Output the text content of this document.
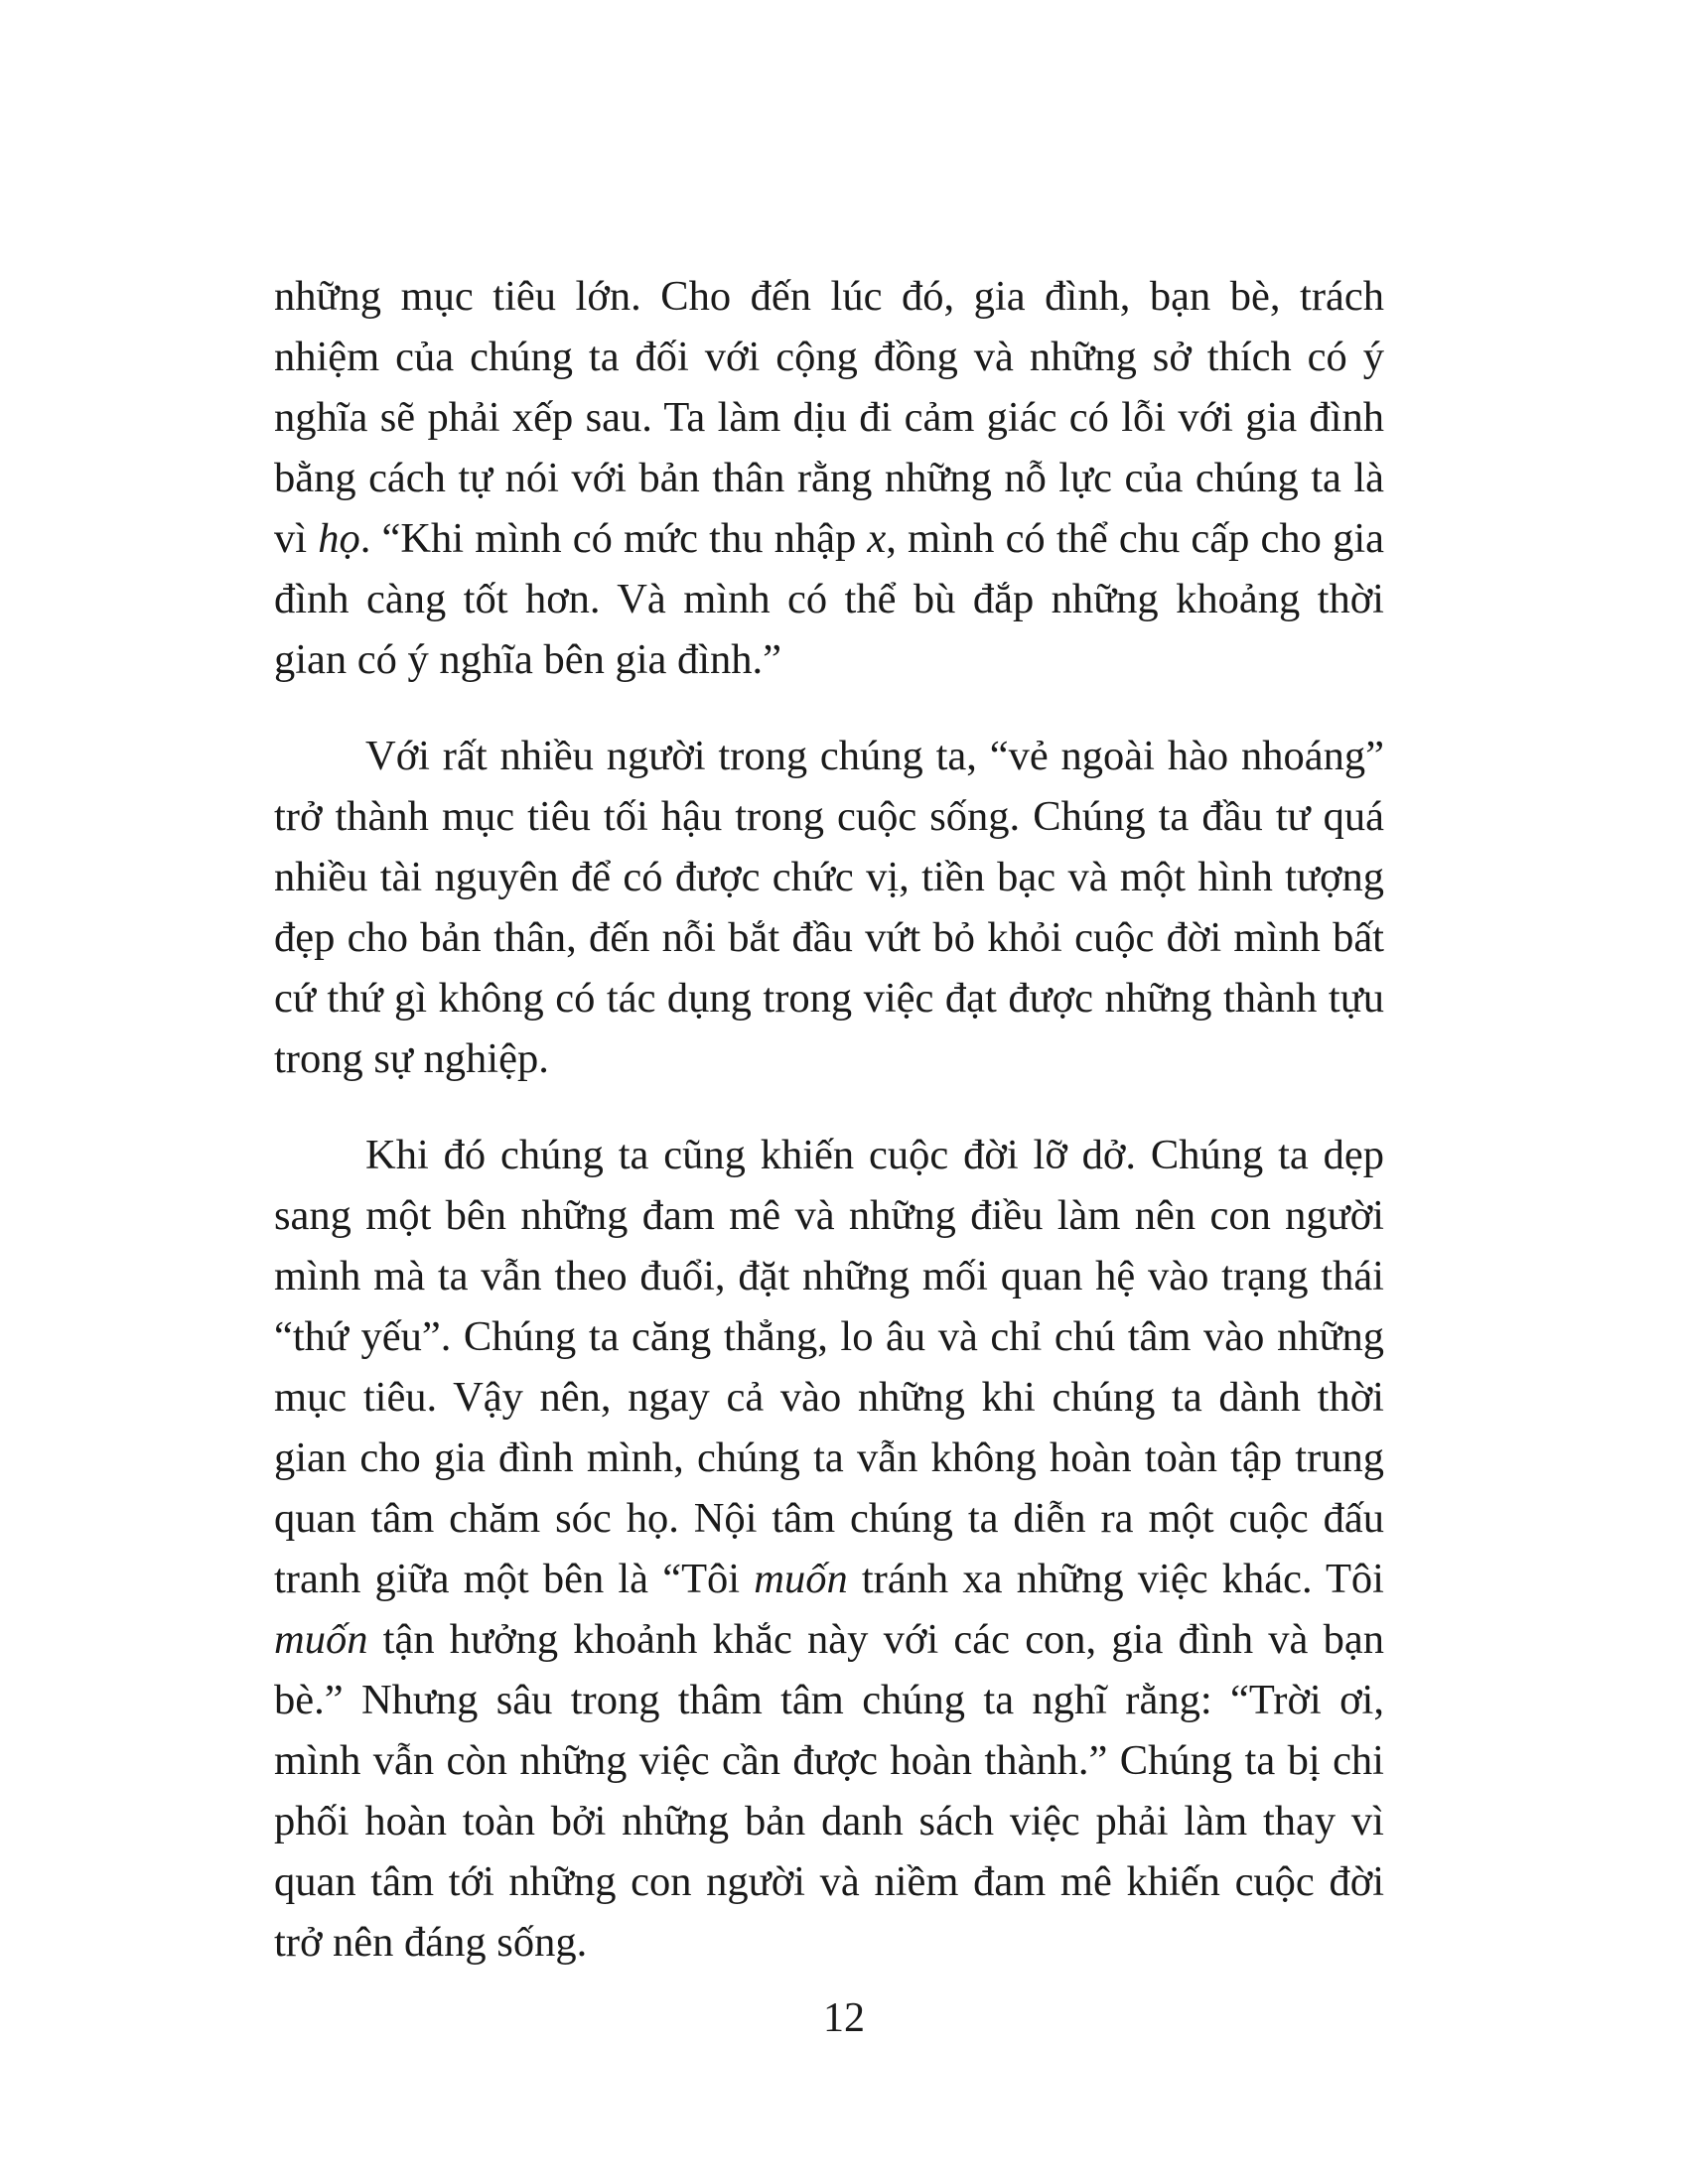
những mục tiêu lớn. Cho đến lúc đó, gia đình, bạn bè, trách nhiệm của chúng ta đối với cộng đồng và những sở thích có ý nghĩa sẽ phải xếp sau. Ta làm dịu đi cảm giác có lỗi với gia đình bằng cách tự nói với bản thân rằng những nỗ lực của chúng ta là vì họ. “Khi mình có mức thu nhập x, mình có thể chu cấp cho gia đình càng tốt hơn. Và mình có thể bù đắp những khoảng thời gian có ý nghĩa bên gia đình.”

Với rất nhiều người trong chúng ta, “vẻ ngoài hào nhoáng” trở thành mục tiêu tối hậu trong cuộc sống. Chúng ta đầu tư quá nhiều tài nguyên để có được chức vị, tiền bạc và một hình tượng đẹp cho bản thân, đến nỗi bắt đầu vứt bỏ khỏi cuộc đời mình bất cứ thứ gì không có tác dụng trong việc đạt được những thành tựu trong sự nghiệp.

Khi đó chúng ta cũng khiến cuộc đời lỡ dở. Chúng ta dẹp sang một bên những đam mê và những điều làm nên con người mình mà ta vẫn theo đuổi, đặt những mối quan hệ vào trạng thái “thứ yếu”. Chúng ta căng thẳng, lo âu và chỉ chú tâm vào những mục tiêu. Vậy nên, ngay cả vào những khi chúng ta dành thời gian cho gia đình mình, chúng ta vẫn không hoàn toàn tập trung quan tâm chăm sóc họ. Nội tâm chúng ta diễn ra một cuộc đấu tranh giữa một bên là “Tôi muốn tránh xa những việc khác. Tôi muốn tận hưởng khoảnh khắc này với các con, gia đình và bạn bè.” Nhưng sâu trong thâm tâm chúng ta nghĩ rằng: “Trời ơi, mình vẫn còn những việc cần được hoàn thành.” Chúng ta bị chi phối hoàn toàn bởi những bản danh sách việc phải làm thay vì quan tâm tới những con người và niềm đam mê khiến cuộc đời trở nên đáng sống.

12
